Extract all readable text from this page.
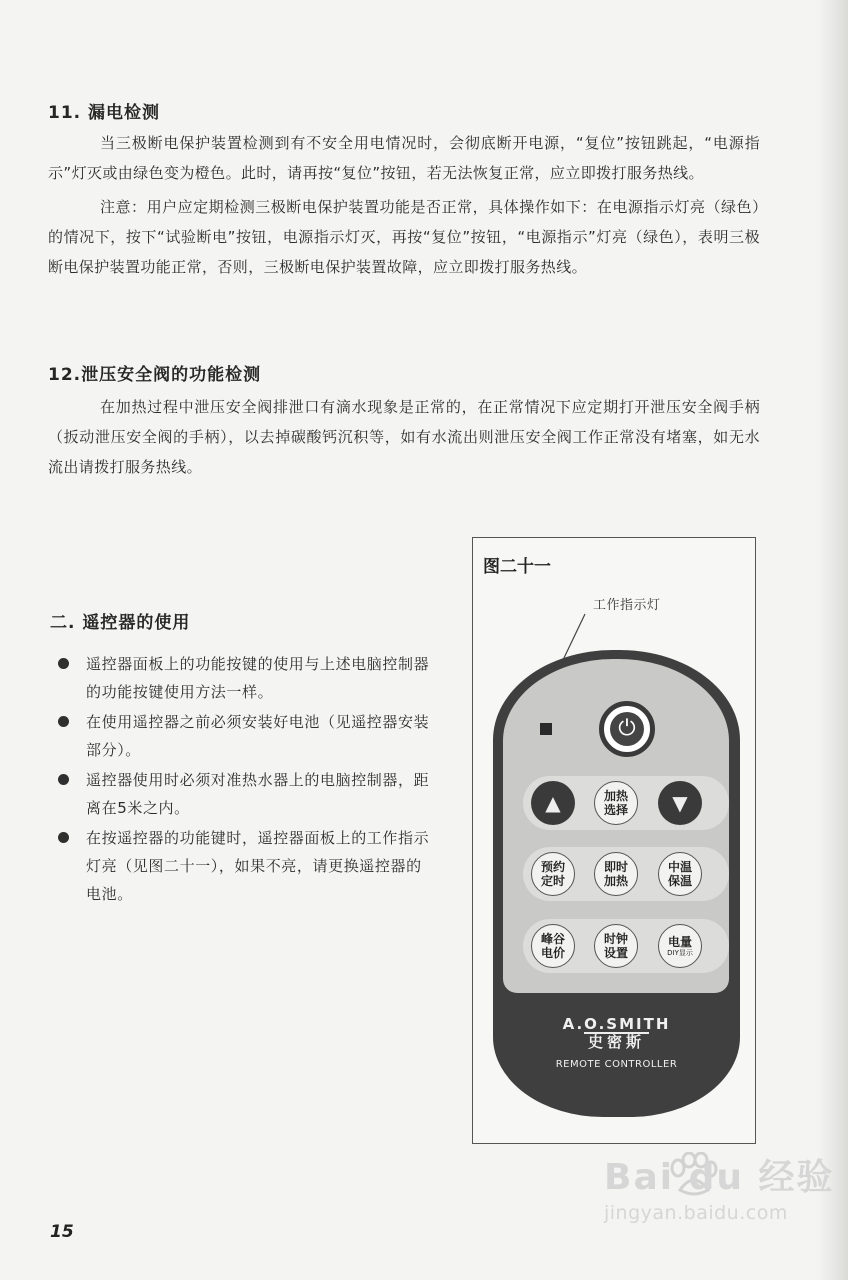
11. 漏电检测
当三极断电保护装置检测到有不安全用电情况时，会彻底断开电源，“复位”按钮跳起，“电源指示”灯灭或由绿色变为橙色。此时，请再按“复位”按钮，若无法恢复正常，应立即拨打服务热线。
注意：用户应定期检测三极断电保护装置功能是否正常，具体操作如下：在电源指示灯亮（绿色）的情况下，按下“试验断电”按钮，电源指示灯灭，再按“复位”按钮，“电源指示”灯亮（绿色），表明三极断电保护装置功能正常，否则，三极断电保护装置故障，应立即拨打服务热线。
12.泄压安全阀的功能检测
在加热过程中泄压安全阀排泄口有滴水现象是正常的，在正常情况下应定期打开泄压安全阀手柄（扳动泄压安全阀的手柄），以去掉碳酸钙沉积等，如有水流出则泄压安全阀工作正常没有堵塞，如无水流出请拨打服务热线。
二. 遥控器的使用
遥控器面板上的功能按键的使用与上述电脑控制器的功能按键使用方法一样。
在使用遥控器之前必须安装好电池（见遥控器安装部分）。
遥控器使用时必须对准热水器上的电脑控制器，距离在5米之内。
在按遥控器的功能键时，遥控器面板上的工作指示灯亮（见图二十一），如果不亮，请更换遥控器的电池。
图二十一
工作指示灯
⏻
▲	加热
选择	▼
预约
定时
即时
加热
中温
保温
峰谷
电价
时钟
设置
电量
DIY显示
A.O.SMITH
史密斯
REMOTE CONTROLLER
15
Bai du 经验
jingyan.baidu.com
